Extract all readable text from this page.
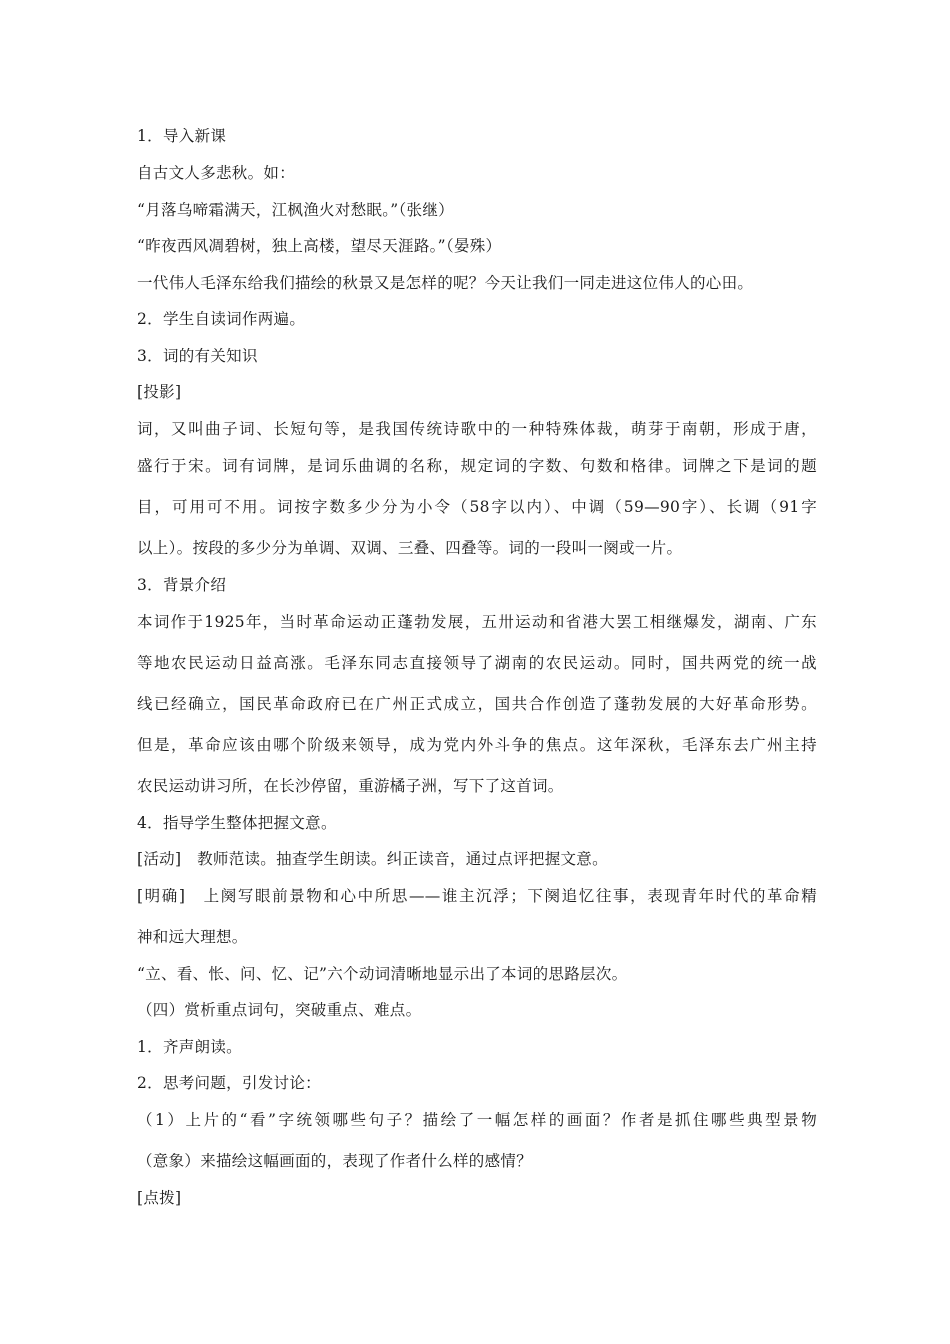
1．导入新课
自古文人多悲秋。如：
“月落乌啼霜满天，江枫渔火对愁眠。”（张继）
“昨夜西风凋碧树，独上高楼，望尽天涯路。”（晏殊）
一代伟人毛泽东给我们描绘的秋景又是怎样的呢？今天让我们一同走进这位伟人的心田。
2．学生自读词作两遍。
3．词的有关知识
[投影]
词，又叫曲子词、长短句等，是我国传统诗歌中的一种特殊体裁，萌芽于南朝，形成于唐，
盛行于宋。词有词牌，是词乐曲调的名称，规定词的字数、句数和格律。词牌之下是词的题
目，可用可不用。词按字数多少分为小令（58字以内）、中调（59—90字）、长调（91字
以上）。按段的多少分为单调、双调、三叠、四叠等。词的一段叫一阕或一片。
3．背景介绍
本词作于1925年，当时革命运动正蓬勃发展，五卅运动和省港大罢工相继爆发，湖南、广东
等地农民运动日益高涨。毛泽东同志直接领导了湖南的农民运动。同时，国共两党的统一战
线已经确立，国民革命政府已在广州正式成立，国共合作创造了蓬勃发展的大好革命形势。
但是，革命应该由哪个阶级来领导，成为党内外斗争的焦点。这年深秋，毛泽东去广州主持
农民运动讲习所，在长沙停留，重游橘子洲，写下了这首词。
4．指导学生整体把握文意。
[活动]　教师范读。抽查学生朗读。纠正读音，通过点评把握文意。
[明确]　上阕写眼前景物和心中所思——谁主沉浮；下阕追忆往事，表现青年时代的革命精
神和远大理想。
“立、看、怅、问、忆、记”六个动词清晰地显示出了本词的思路层次。
（四）赏析重点词句，突破重点、难点。
1．齐声朗读。
2．思考问题，引发讨论：
（1）上片的“看”字统领哪些句子？描绘了一幅怎样的画面？作者是抓住哪些典型景物
（意象）来描绘这幅画面的，表现了作者什么样的感情？
[点拨]
